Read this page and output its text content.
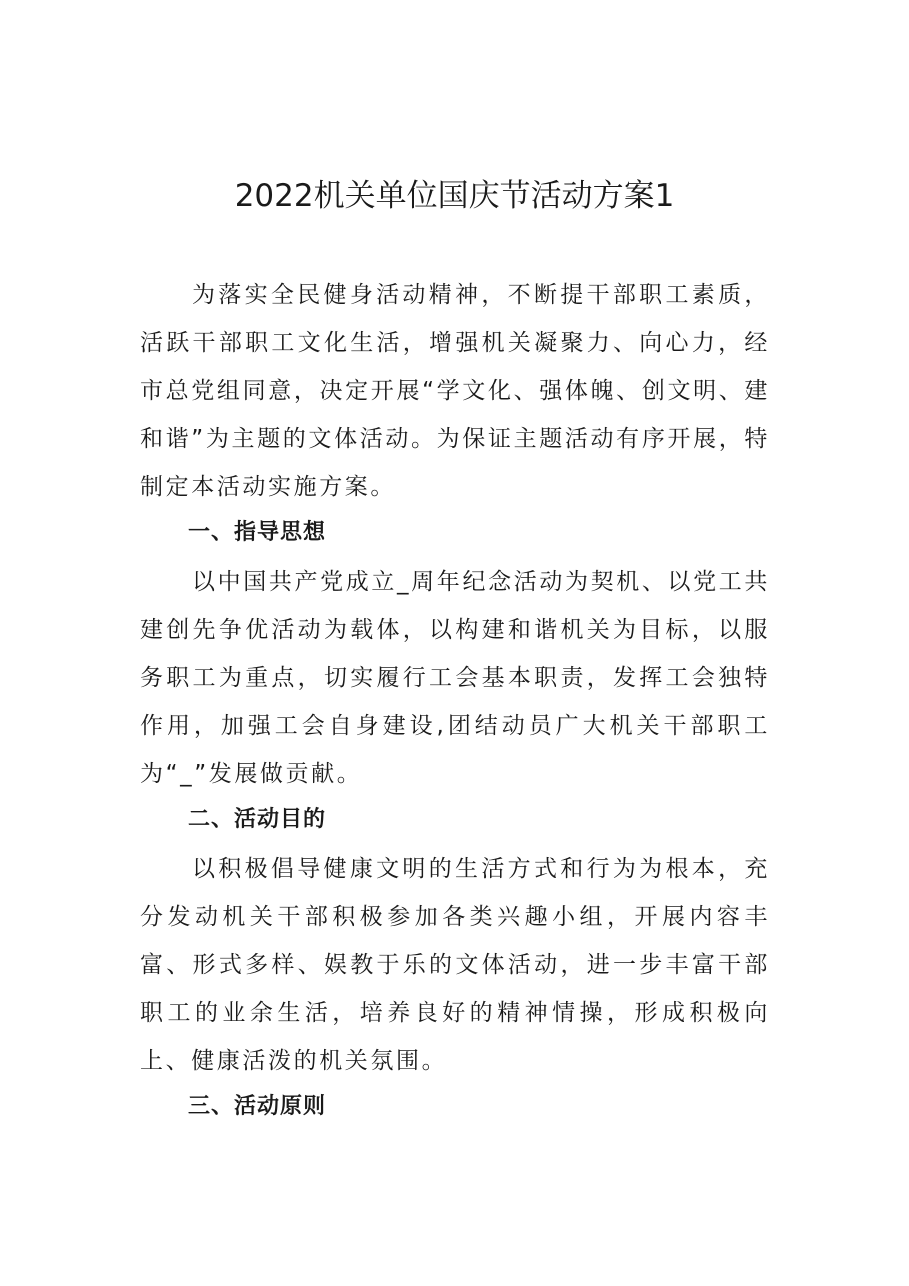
2022机关单位国庆节活动方案1
为落实全民健身活动精神，不断提干部职工素质，活跃干部职工文化生活，增强机关凝聚力、向心力，经市总党组同意，决定开展“学文化、强体魄、创文明、建和谐”为主题的文体活动。为保证主题活动有序开展，特制定本活动实施方案。
一、指导思想
以中国共产党成立_周年纪念活动为契机、以党工共建创先争优活动为载体，以构建和谐机关为目标，以服务职工为重点，切实履行工会基本职责，发挥工会独特作用，加强工会自身建设,团结动员广大机关干部职工为“_”发展做贡献。
二、活动目的
以积极倡导健康文明的生活方式和行为为根本，充分发动机关干部积极参加各类兴趣小组，开展内容丰富、形式多样、娱教于乐的文体活动，进一步丰富干部职工的业余生活，培养良好的精神情操，形成积极向上、健康活泼的机关氛围。
三、活动原则
